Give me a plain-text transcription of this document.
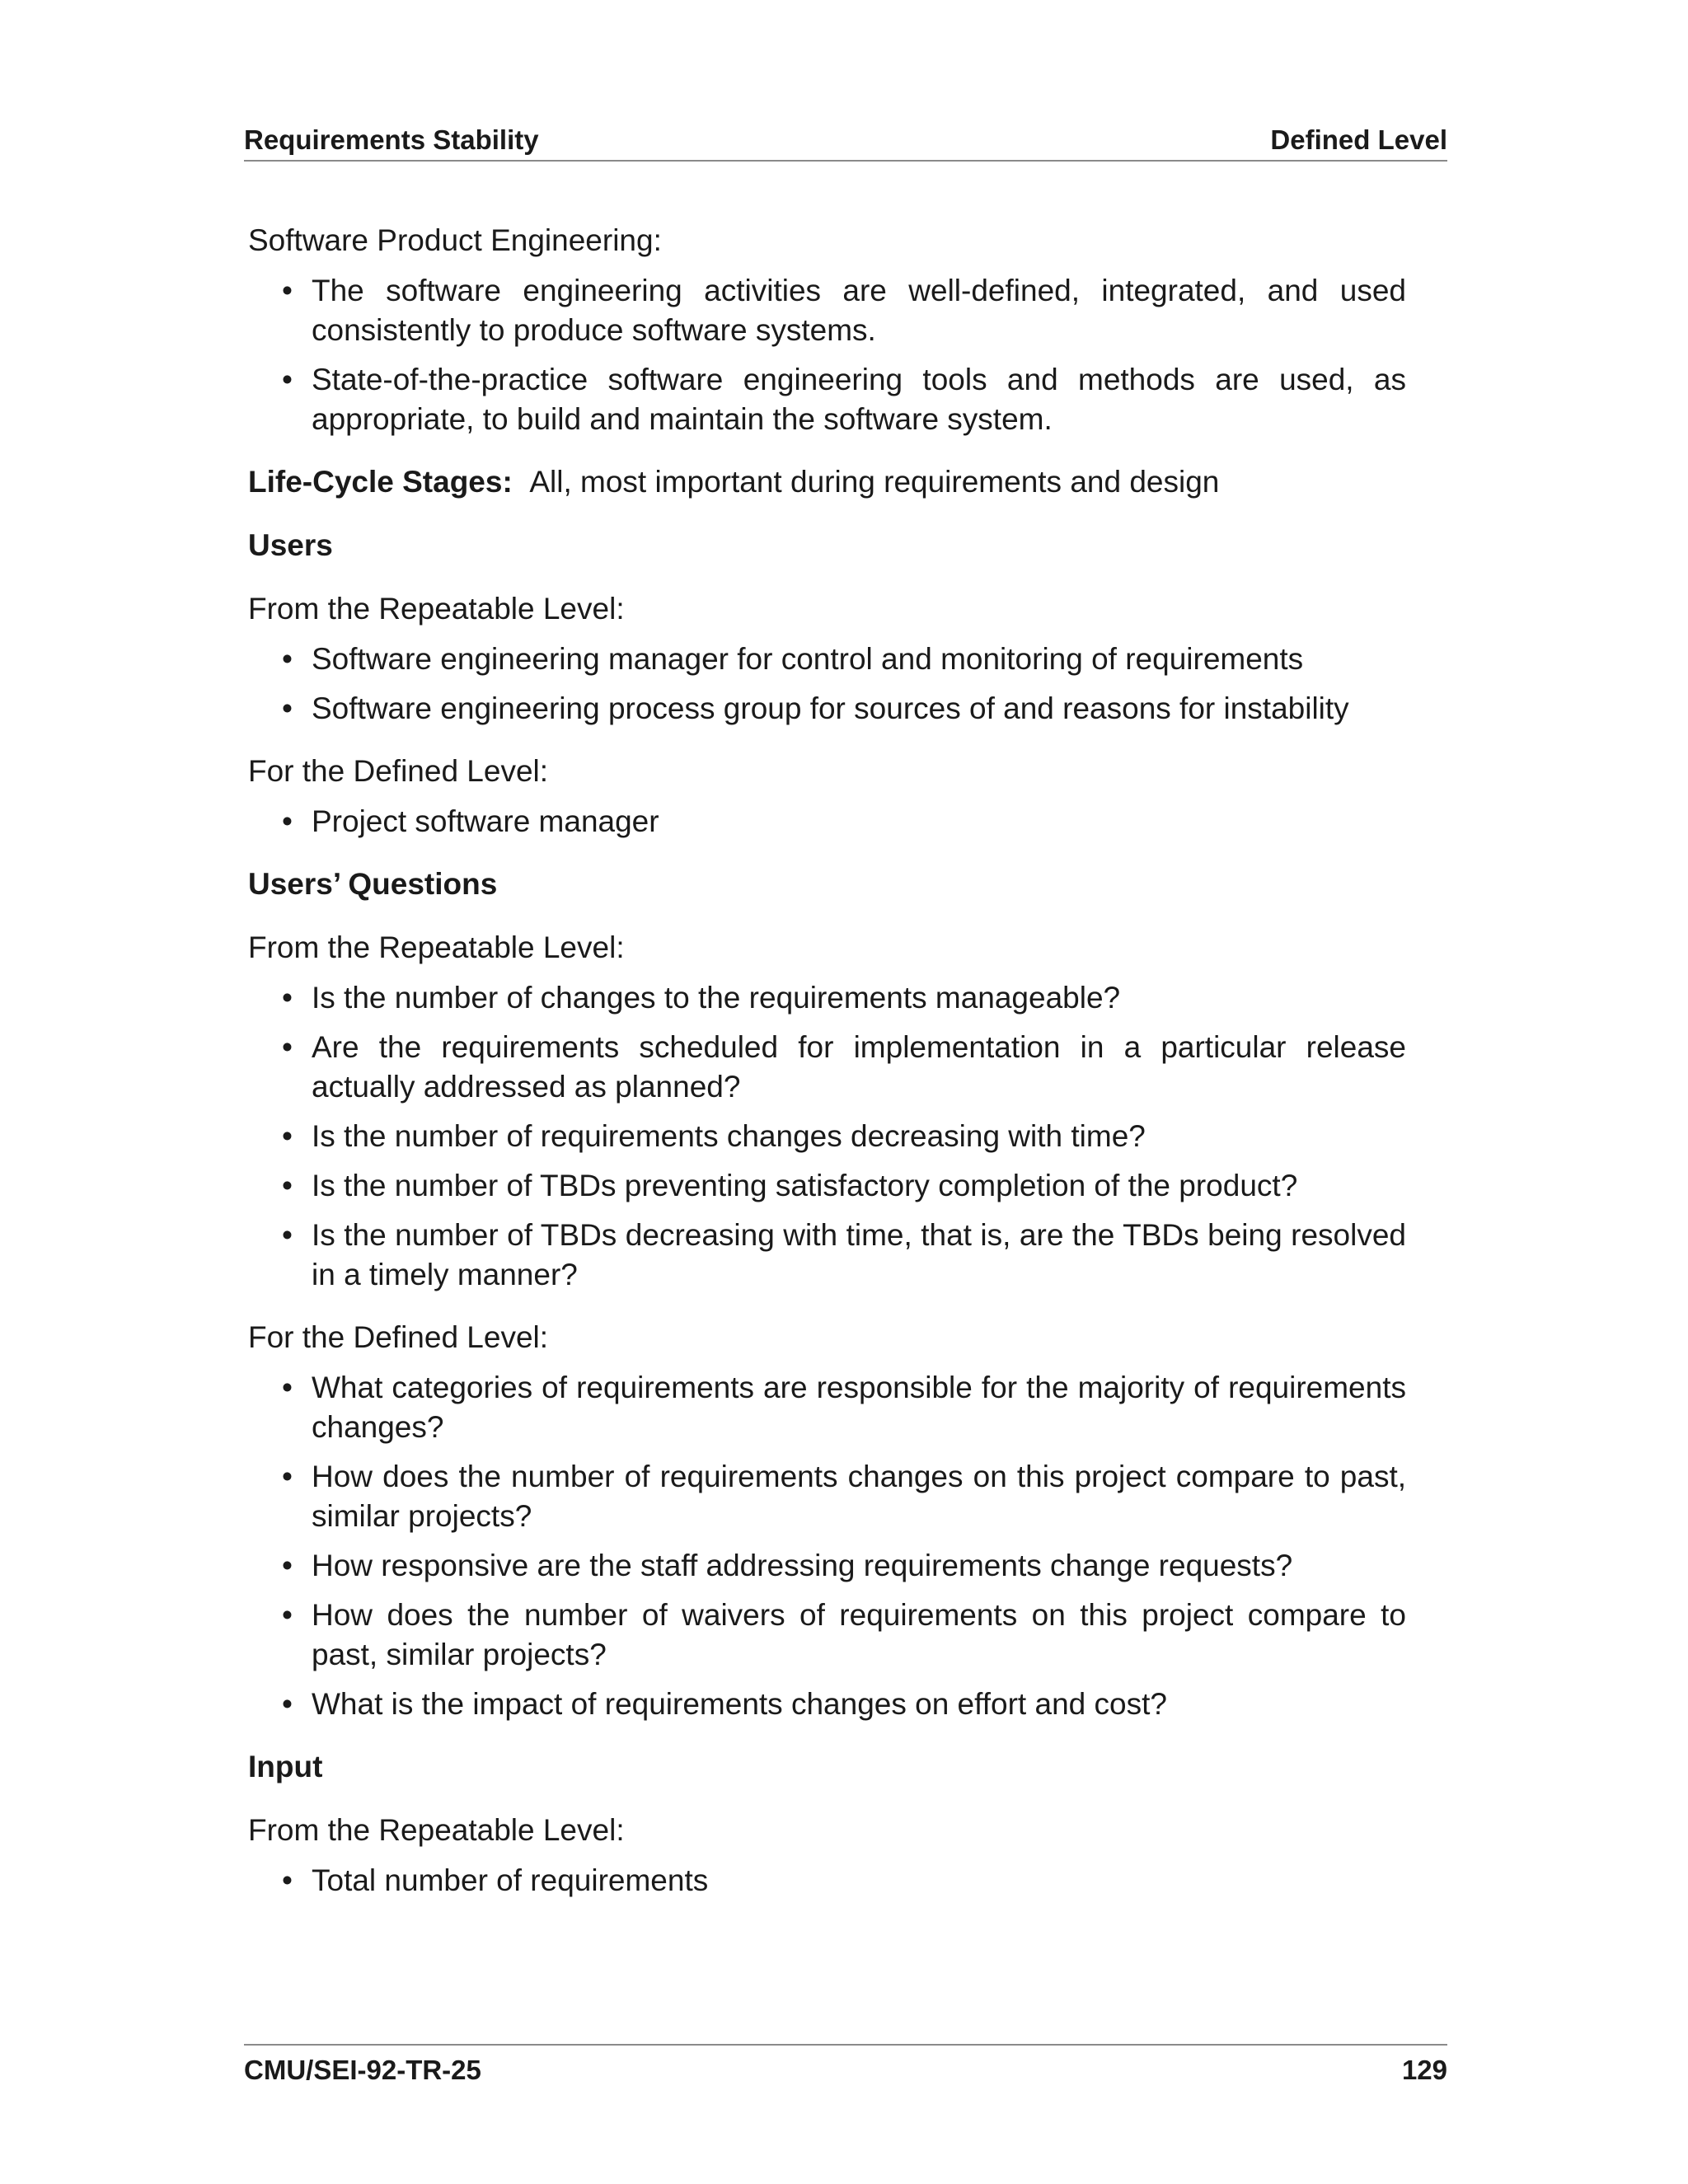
Requirements Stability	Defined Level

Software Product Engineering:

• The software engineering activities are well-defined, integrated, and used consistently to produce software systems.
• State-of-the-practice software engineering tools and methods are used, as appropriate, to build and maintain the software system.

Life-Cycle Stages: All, most important during requirements and design

Users

From the Repeatable Level:

• Software engineering manager for control and monitoring of requirements
• Software engineering process group for sources of and reasons for instability

For the Defined Level:

• Project software manager
Users’ Questions

From the Repeatable Level:

• Is the number of changes to the requirements manageable?
• Are the requirements scheduled for implementation in a particular release actually addressed as planned?
• Is the number of requirements changes decreasing with time?
• Is the number of TBDs preventing satisfactory completion of the product?
• Is the number of TBDs decreasing with time, that is, are the TBDs being resolved in a timely manner?

For the Defined Level:

• What categories of requirements are responsible for the majority of requirements changes?
• How does the number of requirements changes on this project compare to past, similar projects?
• How responsive are the staff addressing requirements change requests?
• How does the number of waivers of requirements on this project compare to past, similar projects?
• What is the impact of requirements changes on effort and cost?
Input

From the Repeatable Level:

• Total number of requirements
CMU/SEI-92-TR-25	129
